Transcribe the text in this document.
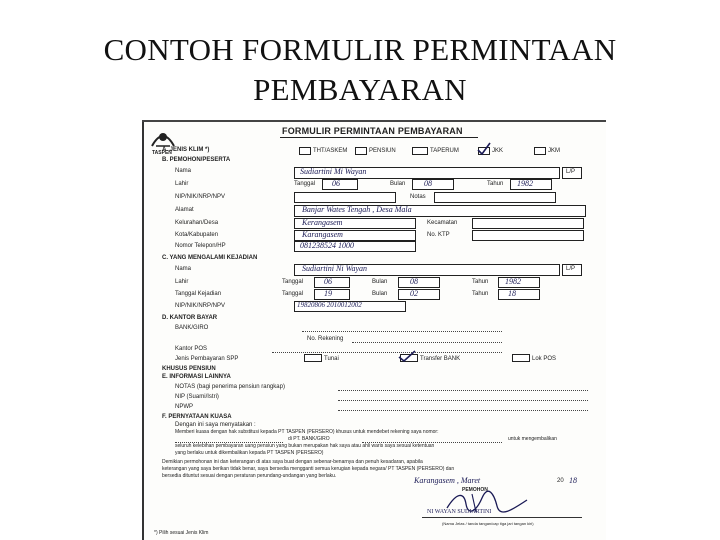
CONTOH FORMULIR PERMINTAAN
PEMBAYARAN
TASPEN
FORMULIR PERMINTAAN PEMBAYARAN
A. JENIS KLIM *)	THT/ASKEM	PENSIUN	TAPERUM	JKK	JKM
B. PEMOHON/PESERTA
Nama	Sudiartini Mi Wayan	L/P
Lahir	Tanggal 06	Bulan 08	Tahun 1982
NIP/NIK/NRP/NPV	Notas
Alamat	Banjar Wates Tengah , Desa Mala
Kelurahan/Desa	Kerangasem	Kecamatan
Kota/Kabupaten	Karangasem	No. KTP
Nomor Telepon/HP	081238524 1000
C. YANG MENGALAMI KEJADIAN
Nama	Sudiartini Ni Wayan	L/P
Lahir	Tanggal	06	Bulan	08	Tahun 1982
Tanggal Kejadian	Tanggal	19	Bulan	02	Tahun 18
NIP/NIK/NRP/NPV	19820806 2010012002
D. KANTOR BAYAR
BANK/GIRO
No. Rekening
Kantor POS
Jenis Pembayaran SPP	Tunai	Transfer BANK	Lok POS
KHUSUS PENSIUN
E. INFORMASI LAINNYA
NOTAS (bagi penerima pensiun rangkap)
NIP (Suami/Istri)
NPWP
F. PERNYATAAN KUASA
Dengan ini saya menyatakan :
Memberi kuasa dengan hak substitusi kepada PT TASPEN (PERSERO) khusus untuk mendebet rekening saya nomor:
di PT. BANK/GIRO	untuk mengembalikan
seluruh kelebihan pembayaran uang pensiun yang bukan merupakan hak saya atau ahli waris saya sesuai ketentuan
yang berlaku untuk dikembalikan kepada PT TASPEN (PERSERO)
Demikian permohonan ini dan keterangan di atas saya buat dengan sebenar-benarnya dan penuh kesadaran, apabila
keterangan yang saya berikan tidak benar, saya bersedia mengganti semua kerugian kepada negara/ PT TASPEN (PERSERO) dan
bersedia dituntut sesuai dengan peraturan perundang-undangan yang berlaku.	Karangasem , Maret	20 18
PEMOHON
NI WAYAN SUDIARTINI
(Nama Jelas / tanda tangan/cap tiga jari tangan kiri)
*) Pilih sesuai Jenis Klim
